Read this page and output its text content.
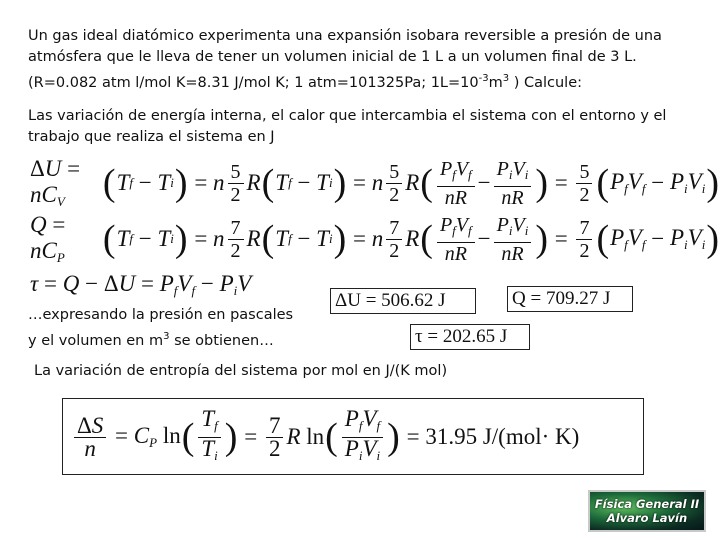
Un gas ideal diatómico experimenta una expansión isobara reversible a presión de una
atmósfera que le lleva de tener un volumen inicial de 1 L a un volumen final de 3 L.
(R=0.082 atm l/mol K=8.31 J/mol K; 1 atm=101325Pa; $1L=10^{-3}m^3$ ) Calcule:
Las variación de energía interna, el calor que intercambia el sistema con el entorno y el
trabajo que realiza el sistema en J
$\Delta U = nC_V$	( T f − T i ) = n $\frac{5}{2}$ R ( T f − T i ) = n $\frac{5}{2}$ R ( $\frac{P_fV_f}{nR} - \frac{P_iV_i}{nR}$ ) = $\frac{5}{2}$ ( $P_fV_f - P_iV_i$ )
$Q = nC_P$	( T f − T i ) = n $\frac{7}{2}$ R ( T f − T i ) = n $\frac{7}{2}$ R ( $\frac{P_fV_f}{nR} - \frac{P_iV_i}{nR}$ ) = $\frac{7}{2}$ ( $P_fV_f - P_iV_i$ )
$\tau = Q - \Delta U = P_fV_f - P_iV$
ΔU = 506.62 J	Q = 709.27 J
τ = 202.65 J
…expresando la presión en pascales
y el volumen en $m^3$ se obtienen…
La variación de entropía del sistema por mol en J/(K mol)
$\frac{\Delta S}{n} = C_P$ ln ( $\frac{T_f}{T_i}$ ) = $\frac{7}{2}$ R ln ( $\frac{P_fV_f}{P_iV_i}$ ) = 31.95 J/(mol· K)
Física General II
Alvaro Lavín
